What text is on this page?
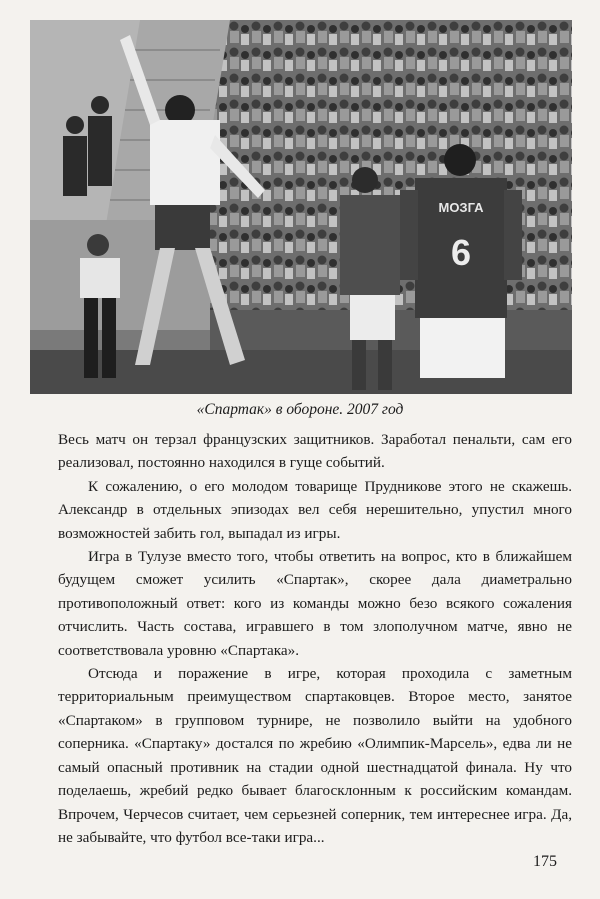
МОЗГА
6
«Спартак» в обороне. 2007 год

Весь матч он терзал французских защитников. Заработал пенальти, сам его реализовал, постоянно находился в гуще событий.

К сожалению, о его молодом товарище Прудникове этого не скажешь. Александр в отдельных эпизодах вел себя нерешительно, упустил много возможностей забить гол, выпадал из игры.

Игра в Тулузе вместо того, чтобы ответить на вопрос, кто в ближайшем будущем сможет усилить «Спартак», скорее дала диаметрально противоположный ответ: кого из команды можно безо всякого сожаления отчислить. Часть состава, игравшего в том злополучном матче, явно не соответствовала уровню «Спартака».

Отсюда и поражение в игре, которая проходила с заметным территориальным преимуществом спартаковцев. Второе место, занятое «Спартаком» в групповом турнире, не позволило выйти на удобного соперника. «Спартаку» достался по жребию «Олимпик-Марсель», едва ли не самый опасный противник на стадии одной шестнадцатой финала. Ну что поделаешь, жребий редко бывает благосклонным к российским командам. Впрочем, Черчесов считает, чем серьезней соперник, тем интереснее игра. Да, не забывайте, что футбол все-таки игра...

175
